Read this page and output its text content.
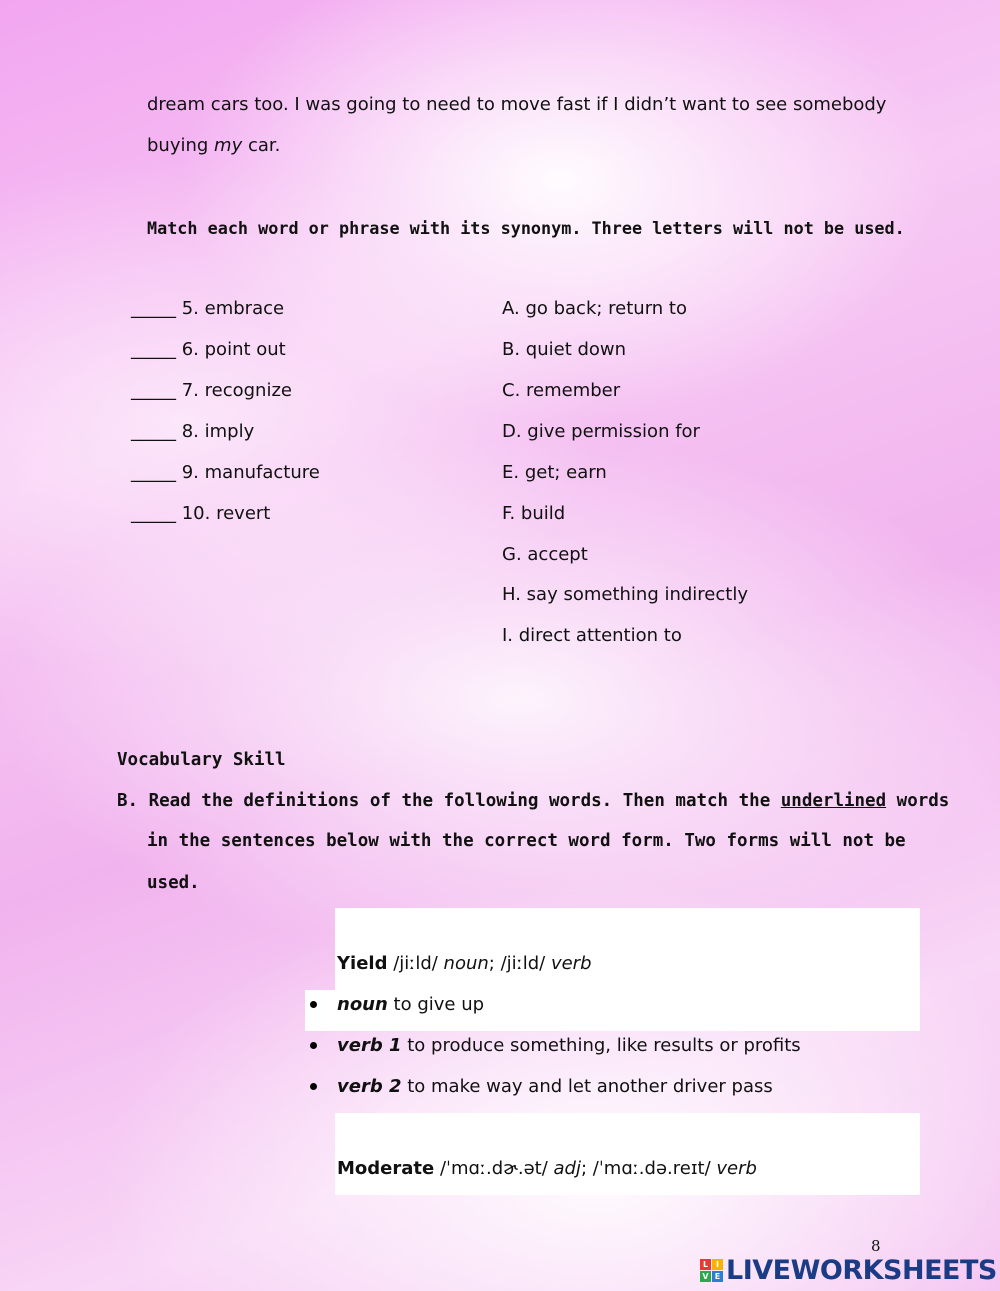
dream cars too. I was going to need to move fast if I didn’t want to see somebody
buying my car.
Match each word or phrase with its synonym. Three letters will not be used.
_____ 5. embrace
_____ 6. point out
_____ 7. recognize
_____ 8. imply
_____ 9. manufacture
_____ 10. revert
A. go back; return to
B. quiet down
C. remember
D. give permission for
E. get; earn
F. build
G. accept
H. say something indirectly
I. direct attention to
Vocabulary Skill
B. Read the definitions of the following words. Then match the underlined words
in the sentences below with the correct word form. Two forms will not be
used.
Yield /jiːld/ noun; /jiːld/ verb
noun to give up
verb 1 to produce something, like results or profits
verb 2 to make way and let another driver pass
Moderate /ˈmɑː.dɚ.ət/ adj; /ˈmɑː.də.reɪt/ verb
8
L I
V E LIVEWORKSHEETS
